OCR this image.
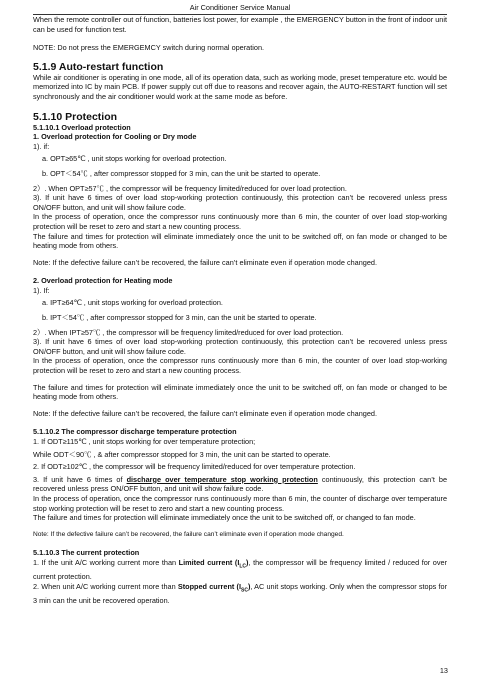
Air Conditioner Service Manual

When the remote controller out of function, batteries lost power, for example , the EMERGENCY button in the front of indoor unit can be used for function test.

NOTE: Do not press the EMERGEMCY switch during normal operation.

5.1.9 Auto-restart function

While air conditioner is operating in one mode, all of its operation data, such as working mode, preset temperature etc. would be memorized into IC by main PCB. If power supply cut off due to reasons and recover again, the AUTO-RESTART function will set synchronously and the air conditioner would work at the same mode as before.

5.1.10 Protection

5.1.10.1 Overload protection

1. Overload protection for Cooling or Dry mode

1). if:

a. OPT≥65℃ , unit stops working for overload protection.

b. OPT＜54℃ , after compressor stopped for 3 min, can the unit be started to operate.

2）. When OPT≥57℃ , the compressor will be frequency limited/reduced for over load protection.

3). If unit have 6 times of over load stop-working protection continuously, this protection can’t be recovered unless press ON/OFF button, and unit will show failure code.

In the process of operation, once the compressor runs continuously more than 6 min, the counter of over load stop-working protection will be reset to zero and start a new counting process.

The failure and times for protection will eliminate immediately once the unit to be switched off, on fan mode or changed to be heating mode from others.

Note: If the defective failure can’t be recovered, the failure can’t eliminate even if operation mode changed.

2. Overload protection for Heating mode

1). If:

a. IPT≥64℃ , unit stops working for overload protection.

b. IPT＜54℃ , after compressor stopped for 3 min, can the unit be started to operate.

2）. When IPT≥57℃ , the compressor will be frequency limited/reduced for over load protection.

3). If unit have 6 times of over load stop-working protection continuously, this protection can’t be recovered unless press ON/OFF button, and unit will show failure code.

In the process of operation, once the compressor runs continuously more than 6 min, the counter of over load stop-working protection will be reset to zero and start a new counting process.

The failure and times for protection will eliminate immediately once the unit to be switched off, on fan mode or changed to be heating mode from others.

Note: If the defective failure can’t be recovered, the failure can’t eliminate even if operation mode changed.

5.1.10.2 The compressor discharge temperature protection

1. If ODT≥115℃ , unit stops working for over temperature protection;

While ODT＜90℃ , & after compressor stopped for 3 min, the unit can be started to operate.

2. If ODT≥102℃ , the compressor will be frequency limited/reduced for over temperature protection.

3. If unit have 6 times of discharge over temperature stop working protection continuously, this protection can’t be recovered unless press ON/OFF button, and unit will show failure code.

In the process of operation, once the compressor runs continuously more than 6 min, the counter of discharge over temperature stop working protection will be reset to zero and start a new counting process.

The failure and times for protection will eliminate immediately once the unit to be switched off, or changed to fan mode.

Note: If the defective failure can’t be recovered, the failure can’t eliminate even if operation mode changed.

5.1.10.3 The current protection

1. If the unit A/C working current more than Limited current $(I_{LC})$, the compressor will be frequency limited / reduced for over current protection.

2. When unit A/C working current more than Stopped current $(I_{SC})$, AC unit stops working. Only when the compressor stops for 3 min can the unit be recovered operation.

13
